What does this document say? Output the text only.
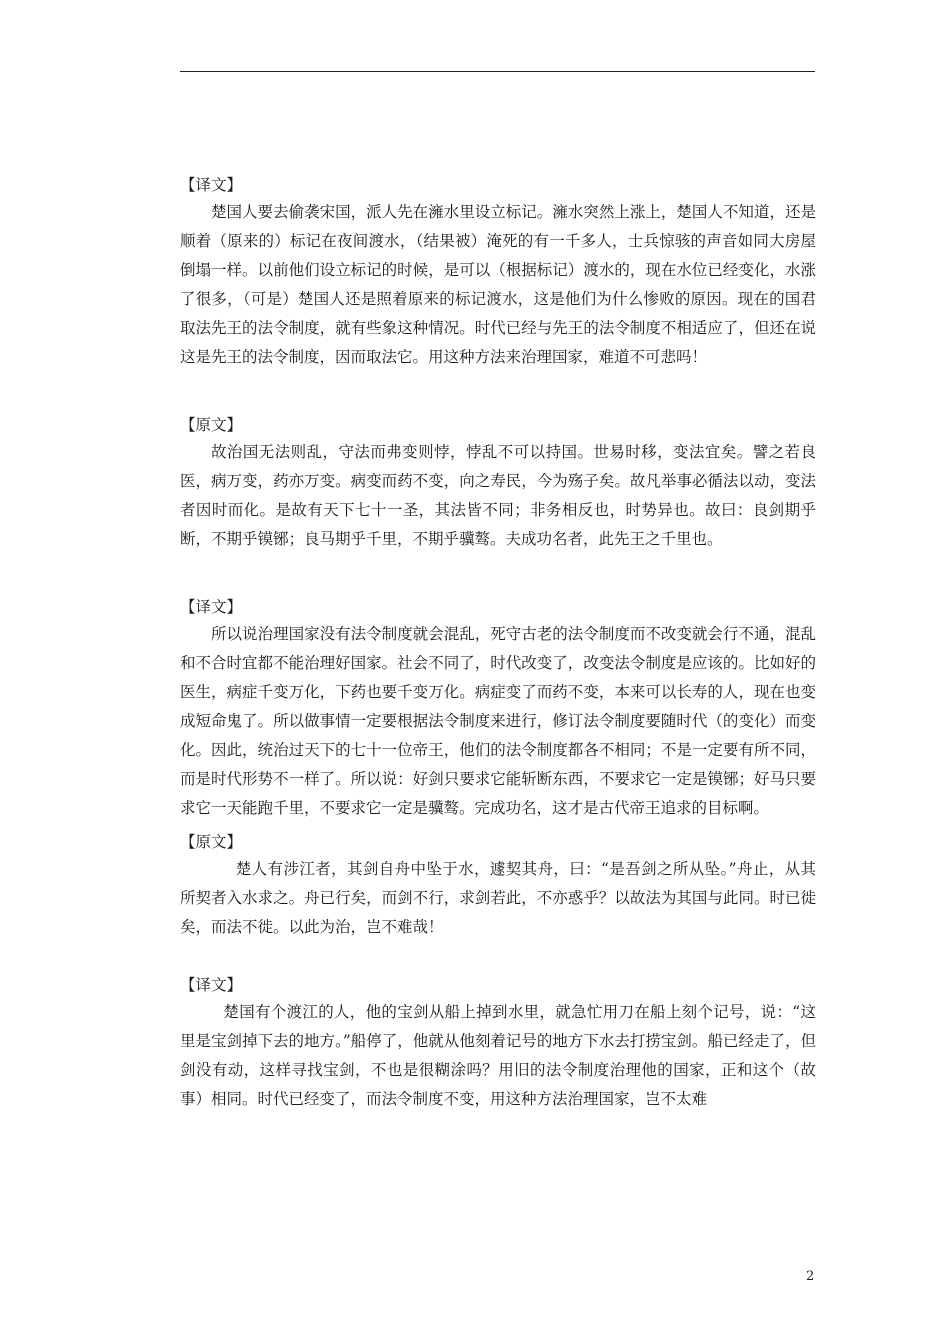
【译文】

楚国人要去偷袭宋国，派人先在澭水里设立标记。澭水突然上涨上，楚国人不知道，还是顺着（原来的）标记在夜间渡水，（结果被）淹死的有一千多人，士兵惊骇的声音如同大房屋倒塌一样。以前他们设立标记的时候，是可以（根据标记）渡水的，现在水位已经变化，水涨了很多，（可是）楚国人还是照着原来的标记渡水，这是他们为什么惨败的原因。现在的国君取法先王的法令制度，就有些象这种情况。时代已经与先王的法令制度不相适应了，但还在说这是先王的法令制度，因而取法它。用这种方法来治理国家，难道不可悲吗！

【原文】

故治国无法则乱，守法而弗变则悖，悖乱不可以持国。世易时移，变法宜矣。譬之若良医，病万变，药亦万变。病变而药不变，向之寿民，今为殇子矣。故凡举事必循法以动，变法者因时而化。是故有天下七十一圣，其法皆不同；非务相反也，时势异也。故曰：良剑期乎断，不期乎镆铘；良马期乎千里，不期乎骥骜。夫成功名者，此先王之千里也。

【译文】

所以说治理国家没有法令制度就会混乱，死守古老的法令制度而不改变就会行不通，混乱和不合时宜都不能治理好国家。社会不同了，时代改变了，改变法令制度是应该的。比如好的医生，病症千变万化，下药也要千变万化。病症变了而药不变，本来可以长寿的人，现在也变成短命鬼了。所以做事情一定要根据法令制度来进行，修订法令制度要随时代（的变化）而变化。因此，统治过天下的七十一位帝王，他们的法令制度都各不相同；不是一定要有所不同，而是时代形势不一样了。所以说：好剑只要求它能斩断东西，不要求它一定是镆铘；好马只要求它一天能跑千里，不要求它一定是骥骜。完成功名，这才是古代帝王追求的目标啊。

【原文】

楚人有涉江者，其剑自舟中坠于水，遽契其舟，曰：“是吾剑之所从坠。”舟止，从其所契者入水求之。舟已行矣，而剑不行，求剑若此，不亦惑乎？以故法为其国与此同。时已徙矣，而法不徙。以此为治，岂不难哉！

【译文】

楚国有个渡江的人，他的宝剑从船上掉到水里，就急忙用刀在船上刻个记号，说：“这里是宝剑掉下去的地方。”船停了，他就从他刻着记号的地方下水去打捞宝剑。船已经走了，但剑没有动，这样寻找宝剑，不也是很糊涂吗？用旧的法令制度治理他的国家，正和这个（故事）相同。时代已经变了，而法令制度不变，用这种方法治理国家，岂不太难

2
